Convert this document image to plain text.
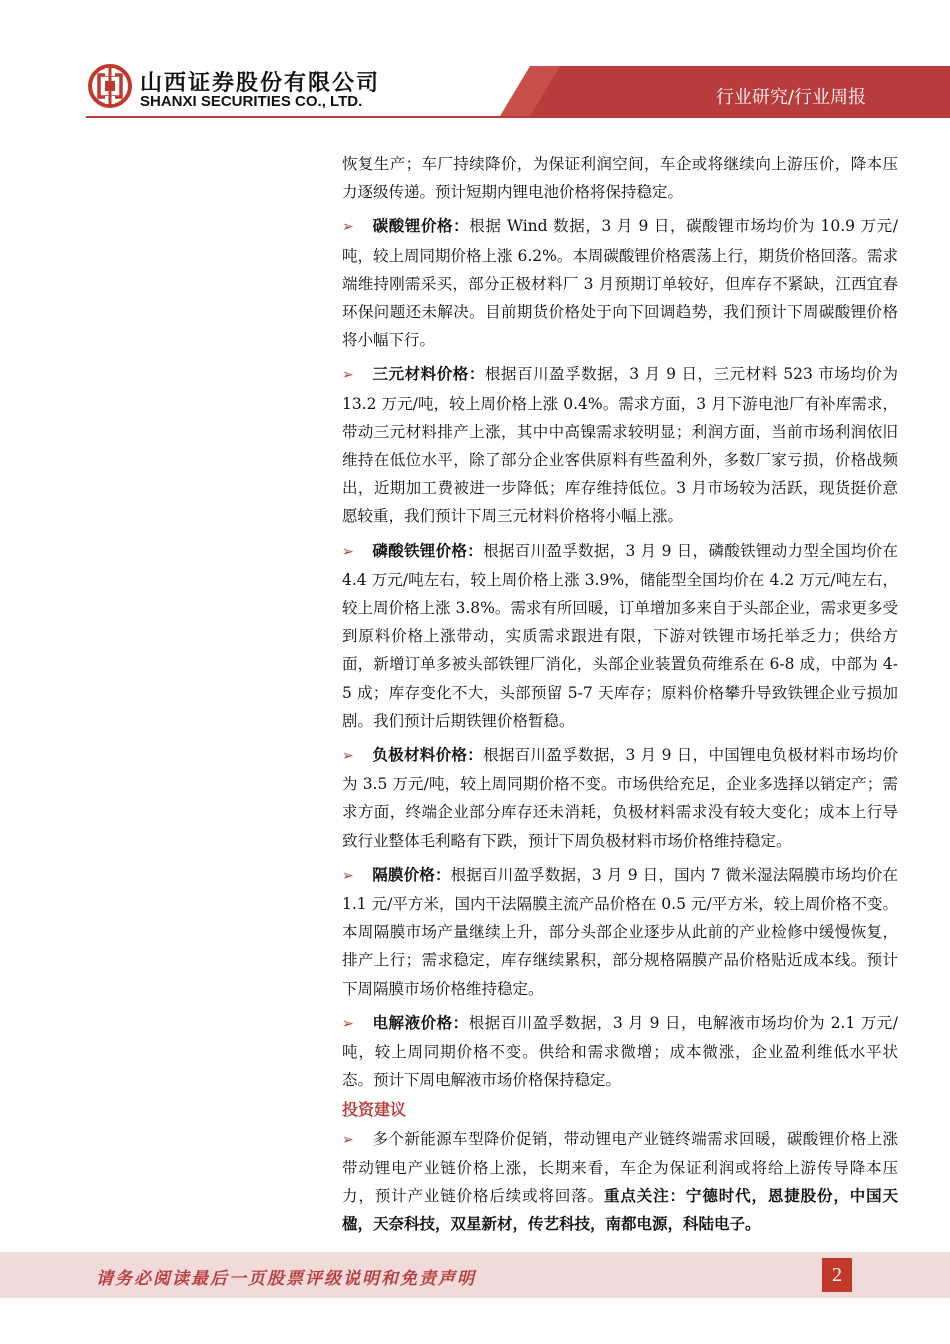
山西证券股份有限公司
SHANXI SECURITIES CO., LTD.	行业研究/行业周报

恢复生产；车厂持续降价，为保证利润空间，车企或将继续向上游压价，降本压力逐级传递。预计短期内锂电池价格将保持稳定。

➢ 碳酸锂价格：根据 Wind 数据，3 月 9 日，碳酸锂市场均价为 10.9 万元/吨，较上周同期价格上涨 6.2%。本周碳酸锂价格震荡上行，期货价格回落。需求端维持刚需采买，部分正极材料厂 3 月预期订单较好，但库存不紧缺，江西宜春环保问题还未解决。目前期货价格处于向下回调趋势，我们预计下周碳酸锂价格将小幅下行。

➢ 三元材料价格：根据百川盈孚数据，3 月 9 日，三元材料 523 市场均价为 13.2 万元/吨，较上周价格上涨 0.4%。需求方面，3 月下游电池厂有补库需求，带动三元材料排产上涨，其中中高镍需求较明显；利润方面，当前市场利润依旧维持在低位水平，除了部分企业客供原料有些盈利外，多数厂家亏损，价格战频出，近期加工费被进一步降低；库存维持低位。3 月市场较为活跃，现货挺价意愿较重，我们预计下周三元材料价格将小幅上涨。

➢ 磷酸铁锂价格：根据百川盈孚数据，3 月 9 日，磷酸铁锂动力型全国均价在 4.4 万元/吨左右，较上周价格上涨 3.9%，储能型全国均价在 4.2 万元/吨左右，较上周价格上涨 3.8%。需求有所回暖，订单增加多来自于头部企业，需求更多受到原料价格上涨带动，实质需求跟进有限，下游对铁锂市场托举乏力；供给方面，新增订单多被头部铁锂厂消化，头部企业装置负荷维系在 6-8 成，中部为 4-5 成；库存变化不大，头部预留 5-7 天库存；原料价格攀升导致铁锂企业亏损加剧。我们预计后期铁锂价格暂稳。

➢ 负极材料价格：根据百川盈孚数据，3 月 9 日，中国锂电负极材料市场均价为 3.5 万元/吨，较上周同期价格不变。市场供给充足，企业多选择以销定产；需求方面，终端企业部分库存还未消耗，负极材料需求没有较大变化；成本上行导致行业整体毛利略有下跌，预计下周负极材料市场价格维持稳定。

➢ 隔膜价格：根据百川盈孚数据，3 月 9 日，国内 7 微米湿法隔膜市场均价在 1.1 元/平方米，国内干法隔膜主流产品价格在 0.5 元/平方米，较上周价格不变。本周隔膜市场产量继续上升，部分头部企业逐步从此前的产业检修中缓慢恢复，排产上行；需求稳定，库存继续累积，部分规格隔膜产品价格贴近成本线。预计下周隔膜市场价格维持稳定。

➢ 电解液价格：根据百川盈孚数据，3 月 9 日，电解液市场均价为 2.1 万元/吨，较上周同期价格不变。供给和需求微增；成本微涨，企业盈利维低水平状态。预计下周电解液市场价格保持稳定。

投资建议

➢ 多个新能源车型降价促销，带动锂电产业链终端需求回暖，碳酸锂价格上涨带动锂电产业链价格上涨，长期来看，车企为保证利润或将给上游传导降本压力，预计产业链价格后续或将回落。重点关注：宁德时代，恩捷股份，中国天楹，天奈科技，双星新材，传艺科技，南都电源，科陆电子。

请务必阅读最后一页股票评级说明和免责声明	2
